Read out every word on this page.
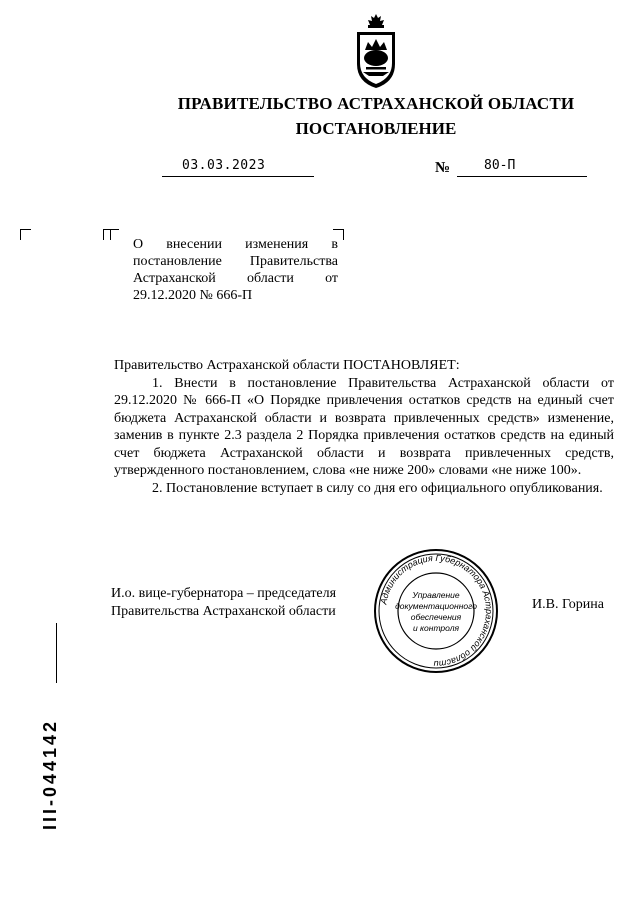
ПРАВИТЕЛЬСТВО АСТРАХАНСКОЙ ОБЛАСТИ
ПОСТАНОВЛЕНИЕ
03.03.2023	№	80-П
О внесении изменения в постановление Правительства Астраханской области от 29.12.2020 № 666-П

Правительство Астраханской области ПОСТАНОВЛЯЕТ:

1. Внести в постановление Правительства Астраханской области от 29.12.2020 № 666-П «О Порядке привлечения остатков средств на единый счет бюджета Астраханской области и возврата привлеченных средств» изменение, заменив в пункте 2.3 раздела 2 Порядка привлечения остатков средств на единый счет бюджета Астраханской области и возврата привлеченных средств, утвержденного постановлением, слова «не ниже 200» словами «не ниже 100».

2. Постановление вступает в силу со дня его официального опубликования.

И.о. вице-губернатора – председателя
Правительства Астраханской области	И.В. Горина
Администрация Губернатора Астраханской области
Управление
документационного
обеспечения
и контроля
III-044142
